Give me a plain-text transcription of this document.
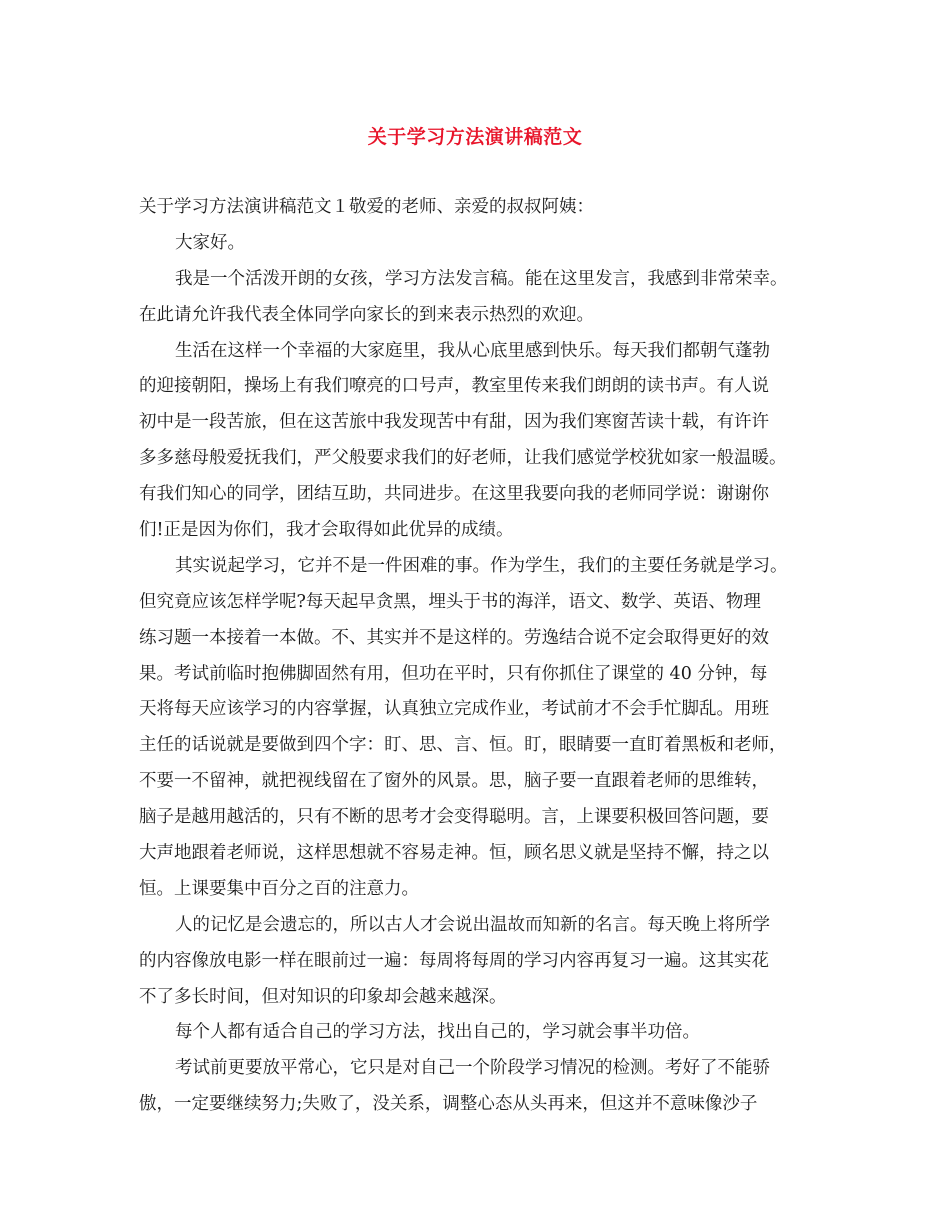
关于学习方法演讲稿范文
关于学习方法演讲稿范文１敬爱的老师、亲爱的叔叔阿姨：
大家好。
我是一个活泼开朗的女孩，学习方法发言稿。能在这里发言，我感到非常荣幸。
在此请允许我代表全体同学向家长的到来表示热烈的欢迎。
生活在这样一个幸福的大家庭里，我从心底里感到快乐。每天我们都朝气蓬勃
的迎接朝阳，操场上有我们嘹亮的口号声，教室里传来我们朗朗的读书声。有人说
初中是一段苦旅，但在这苦旅中我发现苦中有甜，因为我们寒窗苦读十载，有许许
多多慈母般爱抚我们，严父般要求我们的好老师，让我们感觉学校犹如家一般温暖。
有我们知心的同学，团结互助，共同进步。在这里我要向我的老师同学说：谢谢你
们!正是因为你们，我才会取得如此优异的成绩。
其实说起学习，它并不是一件困难的事。作为学生，我们的主要任务就是学习。
但究竟应该怎样学呢?每天起早贪黑，埋头于书的海洋，语文、数学、英语、物理
练习题一本接着一本做。不、其实并不是这样的。劳逸结合说不定会取得更好的效
果。考试前临时抱佛脚固然有用，但功在平时，只有你抓住了课堂的 40 分钟，每
天将每天应该学习的内容掌握，认真独立完成作业，考试前才不会手忙脚乱。用班
主任的话说就是要做到四个字：盯、思、言、恒。盯，眼睛要一直盯着黑板和老师，
不要一不留神，就把视线留在了窗外的风景。思，脑子要一直跟着老师的思维转，
脑子是越用越活的，只有不断的思考才会变得聪明。言，上课要积极回答问题，要
大声地跟着老师说，这样思想就不容易走神。恒，顾名思义就是坚持不懈，持之以
恒。上课要集中百分之百的注意力。
人的记忆是会遗忘的，所以古人才会说出温故而知新的名言。每天晚上将所学
的内容像放电影一样在眼前过一遍：每周将每周的学习内容再复习一遍。这其实花
不了多长时间，但对知识的印象却会越来越深。
每个人都有适合自己的学习方法，找出自己的，学习就会事半功倍。
考试前更要放平常心，它只是对自己一个阶段学习情况的检测。考好了不能骄
傲，一定要继续努力;失败了，没关系，调整心态从头再来，但这并不意味像沙子
